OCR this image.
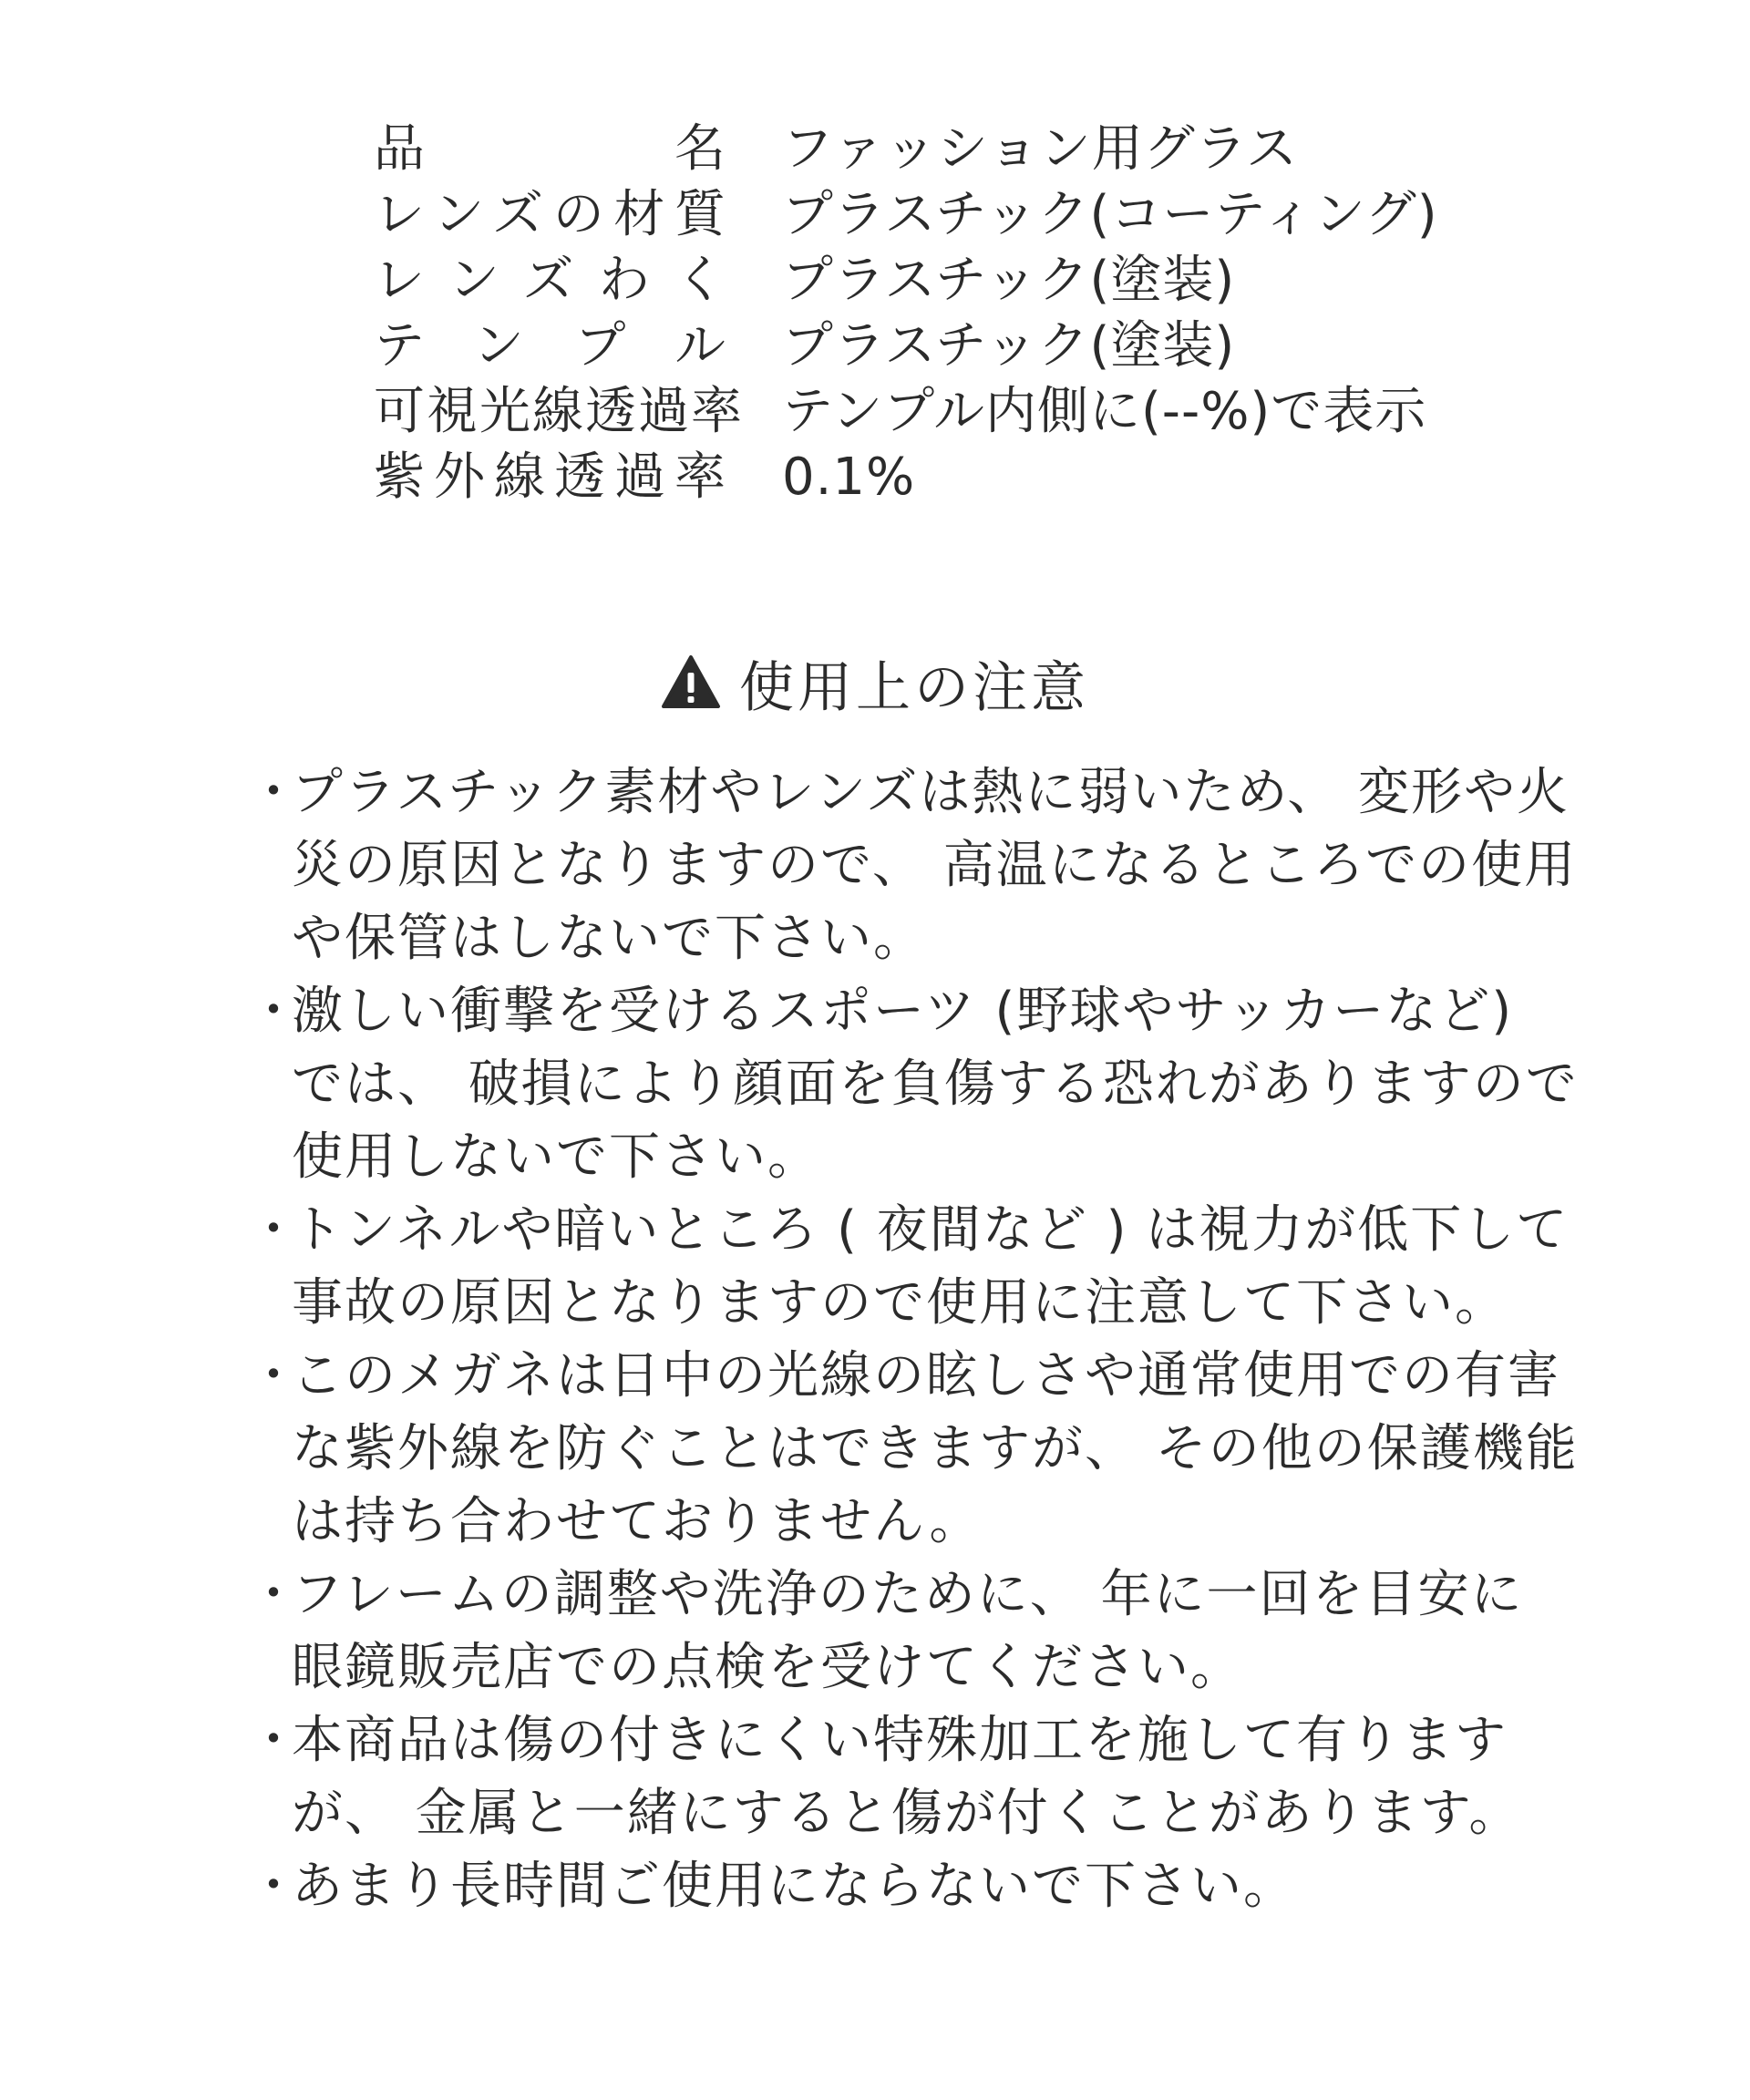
品名 ファッション用グラス
レンズの材質 プラスチック(コーティング)
レンズわく プラスチック(塗装)
テンプル プラスチック(塗装)
可視光線透過率 テンプル内側に(--%)で表示
紫外線透過率 0.1%
使用上の注意
・
プラスチック素材やレンズは熱に弱いため、 変形や火
災の原因となりますので、 高温になるところでの使用
や保管はしないで下さい。
・
激しい衝撃を受けるスポーツ (野球やサッカーなど)
では、 破損により顔面を負傷する恐れがありますので
使用しないで下さい。
・
トンネルや暗いところ ( 夜間など ) は視力が低下して
事故の原因となりますので使用に注意して下さい。
・
このメガネは日中の光線の眩しさや通常使用での有害
な紫外線を防ぐことはできますが、 その他の保護機能
は持ち合わせておりません。
・
フレームの調整や洗浄のために、 年に一回を目安に
眼鏡販売店での点検を受けてください。
・
本商品は傷の付きにくい特殊加工を施して有ります
が、 金属と一緒にすると傷が付くことがあります。
・
あまり長時間ご使用にならないで下さい。
